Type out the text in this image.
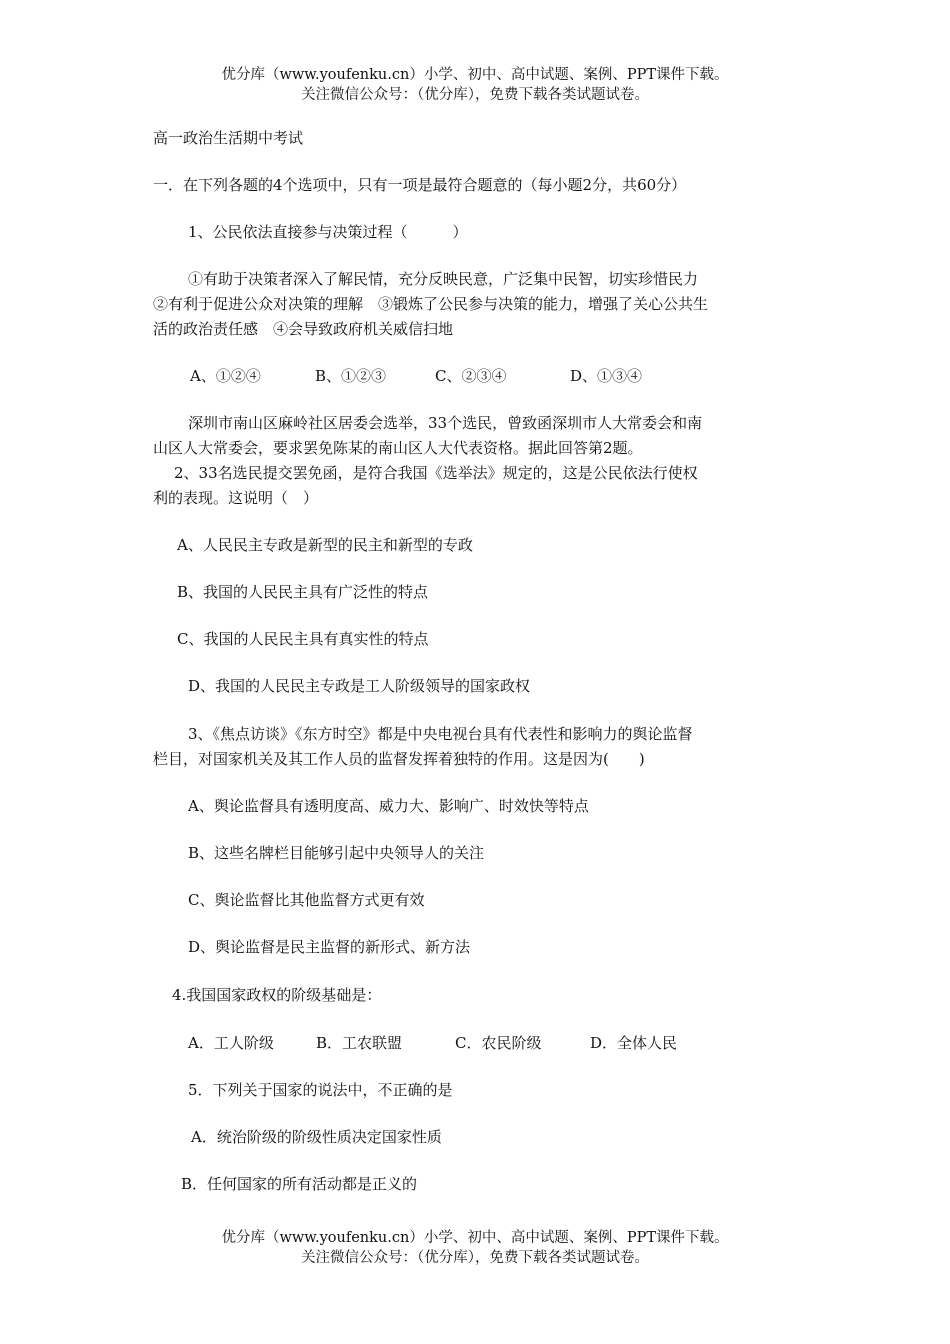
优分库（www.youfenku.cn）小学、初中、高中试题、案例、PPT课件下载。
关注微信公众号：（优分库），免费下载各类试题试卷。
高一政治生活期中考试
一．在下列各题的4个选项中，只有一项是最符合题意的（每小题2分，共60分）
1、公民依法直接参与决策过程（　　　）
①有助于决策者深入了解民情，充分反映民意，广泛集中民智，切实珍惜民力
②有利于促进公众对决策的理解　③锻炼了公民参与决策的能力，增强了关心公共生
活的政治责任感　④会导致政府机关威信扫地
A、①②④	B、①②③	C、②③④	D、①③④
深圳市南山区麻岭社区居委会选举，33个选民，曾致函深圳市人大常委会和南
山区人大常委会，要求罢免陈某的南山区人大代表资格。据此回答第2题。
2、33名选民提交罢免函，是符合我国《选举法》规定的，这是公民依法行使权
利的表现。这说明（　）
A、人民民主专政是新型的民主和新型的专政
B、我国的人民民主具有广泛性的特点
C、我国的人民民主具有真实性的特点
D、我国的人民民主专政是工人阶级领导的国家政权
3、《焦点访谈》《东方时空》都是中央电视台具有代表性和影响力的舆论监督
栏目，对国家机关及其工作人员的监督发挥着独特的作用。这是因为(　　)
A、舆论监督具有透明度高、威力大、影响广、时效快等特点
B、这些名牌栏目能够引起中央领导人的关注
C、舆论监督比其他监督方式更有效
D、舆论监督是民主监督的新形式、新方法
4.我国国家政权的阶级基础是：
A．工人阶级	B．工农联盟	C．农民阶级	D．全体人民
5．下列关于国家的说法中，不正确的是
A．统治阶级的阶级性质决定国家性质
B．任何国家的所有活动都是正义的
优分库（www.youfenku.cn）小学、初中、高中试题、案例、PPT课件下载。
关注微信公众号：（优分库），免费下载各类试题试卷。
